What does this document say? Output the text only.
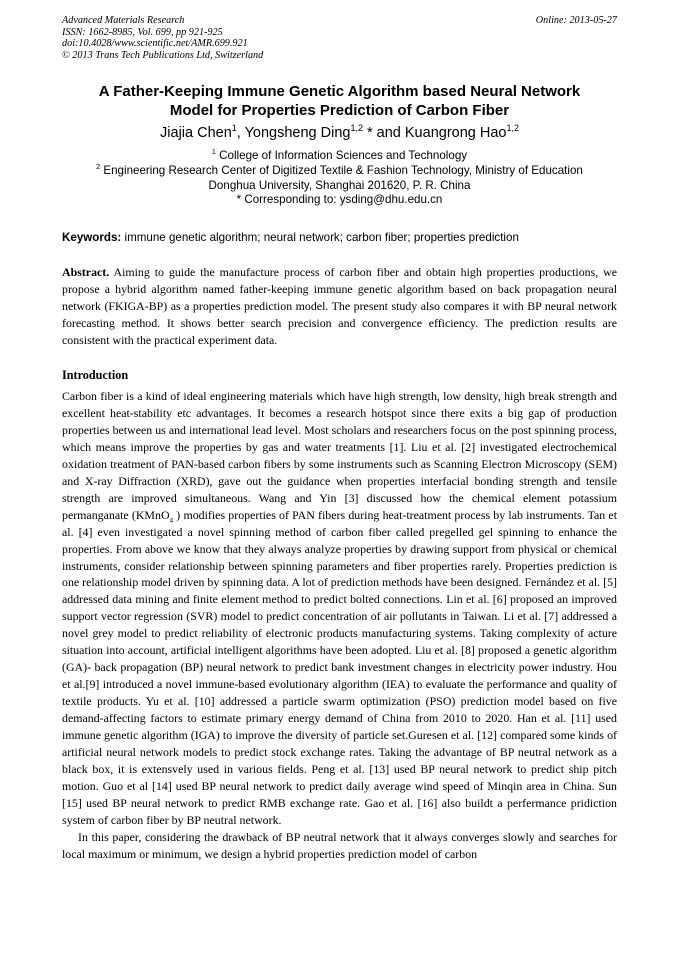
Advanced Materials Research
ISSN: 1662-8985, Vol. 699, pp 921-925
doi:10.4028/www.scientific.net/AMR.699.921
© 2013 Trans Tech Publications Ltd, Switzerland
Online: 2013-05-27
A Father-Keeping Immune Genetic Algorithm based Neural Network
Model for Properties Prediction of Carbon Fiber
Jiajia Chen$^1$, Yongsheng Ding$^{1,2}$ * and Kuangrong Hao$^{1,2}$
$^1$ College of Information Sciences and Technology
$^2$ Engineering Research Center of Digitized Textile & Fashion Technology, Ministry of Education
Donghua University, Shanghai 201620, P. R. China
* Corresponding to: ysding@dhu.edu.cn
Keywords: immune genetic algorithm; neural network; carbon fiber; properties prediction
Abstract. Aiming to guide the manufacture process of carbon fiber and obtain high properties productions, we propose a hybrid algorithm named father-keeping immune genetic algorithm based on back propagation neural network (FKIGA-BP) as a properties prediction model. The present study also compares it with BP neural network forecasting method. It shows better search precision and convergence efficiency. The prediction results are consistent with the practical experiment data.
Introduction

Carbon fiber is a kind of ideal engineering materials which have high strength, low density, high break strength and excellent heat-stability etc advantages. It becomes a research hotspot since there exits a big gap of production properties between us and international lead level. Most scholars and researchers focus on the post spinning process, which means improve the properties by gas and water treatments [1]. Liu et al. [2] investigated electrochemical oxidation treatment of PAN-based carbon fibers by some instruments such as Scanning Electron Microscopy (SEM) and X-ray Diffraction (XRD), gave out the guidance when properties interfacial bonding strength and tensile strength are improved simultaneous. Wang and Yin [3] discussed how the chemical element potassium permanganate (KMnO$_4$ ) modifies properties of PAN fibers during heat-treatment process by lab instruments. Tan et al. [4] even investigated a novel spinning method of carbon fiber called pregelled gel spinning to enhance the properties. From above we know that they always analyze properties by drawing support from physical or chemical instruments, consider relationship between spinning parameters and fiber properties rarely. Properties prediction is one relationship model driven by spinning data. A lot of prediction methods have been designed. Fernández et al. [5] addressed data mining and finite element method to predict bolted connections. Lin et al. [6] proposed an improved support vector regression (SVR) model to predict concentration of air pollutants in Taiwan. Li et al. [7] addressed a novel grey model to predict reliability of electronic products manufacturing systems. Taking complexity of acture situation into account, artificial intelligent algorithms have been adopted. Liu et al. [8] proposed a genetic algorithm (GA)- back propagation (BP) neural network to predict bank investment changes in electricity power industry. Hou et al.[9] introduced a novel immune-based evolutionary algorithm (IEA) to evaluate the performance and quality of textile products. Yu et al. [10] addressed a particle swarm optimization (PSO) prediction model based on five demand-affecting factors to estimate primary energy demand of China from 2010 to 2020. Han et al. [11] used immune genetic algorithm (IGA) to improve the diversity of particle set.Guresen et al. [12] compared some kinds of artificial neural network models to predict stock exchange rates. Taking the advantage of BP neutral network as a black box, it is extensvely used in various fields. Peng et al. [13] used BP neural network to predict ship pitch motion. Guo et al [14] used BP neural network to predict daily average wind speed of Minqin area in China. Sun [15] used BP neural network to predict RMB exchange rate. Gao et al. [16] also buildt a perfermance pridiction system of carbon fiber by BP neutral network.

In this paper, considering the drawback of BP neutral network that it always converges slowly and searches for local maximum or minimum, we design a hybrid properties prediction model of carbon
